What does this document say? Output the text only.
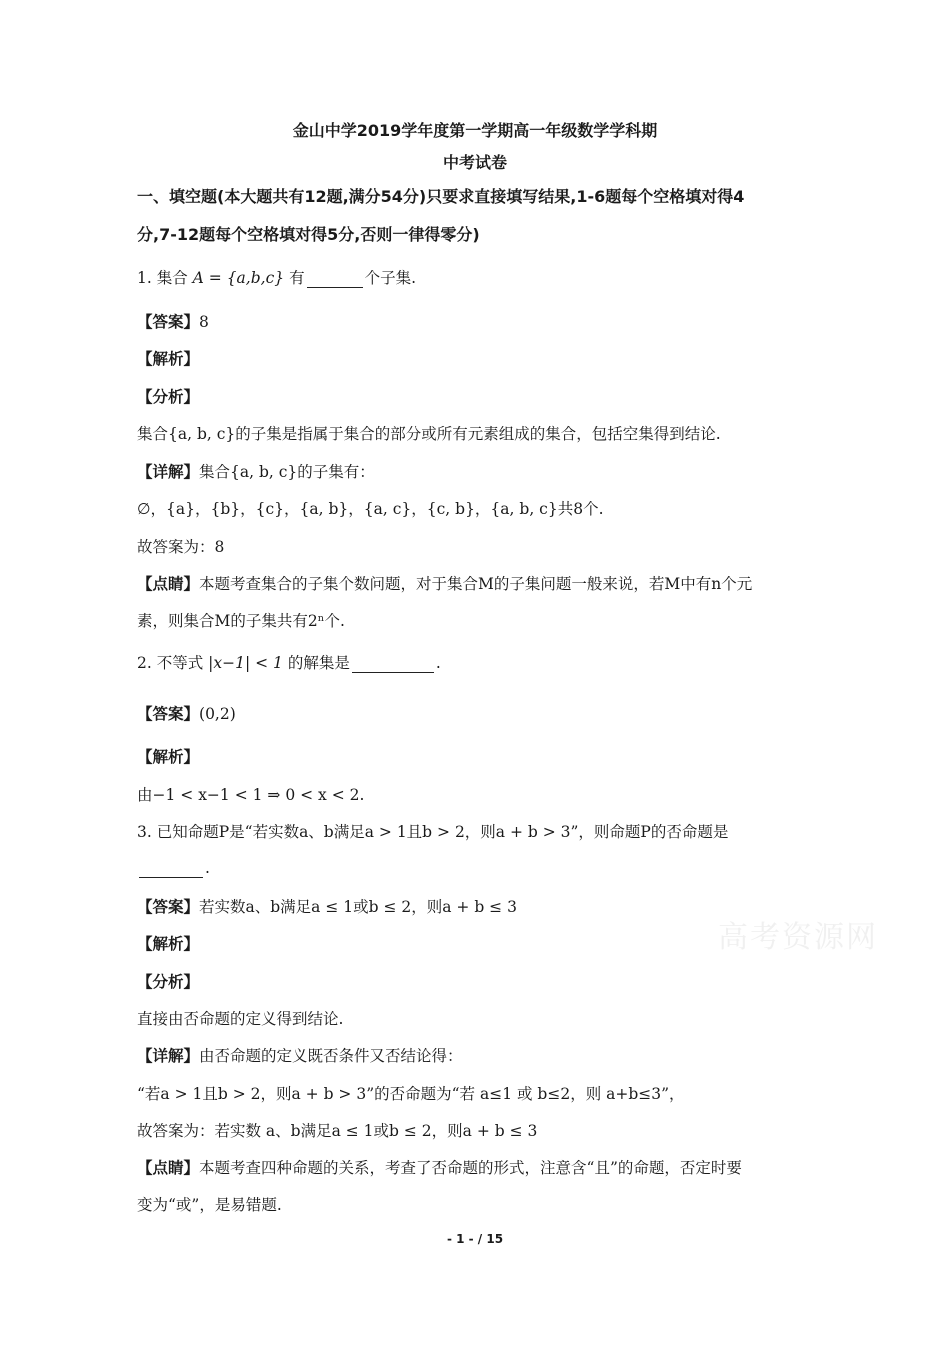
金山中学2019学年度第一学期高一年级数学学科期
中考试卷
一、填空题(本大题共有12题,满分54分)只要求直接填写结果,1-6题每个空格填对得4
分,7-12题每个空格填对得5分,否则一律得零分)
1. 集合 A = {a,b,c} 有	个子集.
【答案】8
【解析】
【分析】
集合{a, b, c}的子集是指属于集合的部分或所有元素组成的集合，包括空集得到结论.
【详解】集合{a, b, c}的子集有：
∅，{a}，{b}，{c}，{a, b}，{a, c}，{c, b}，{a, b, c}共8个.
故答案为：8
【点睛】本题考查集合的子集个数问题，对于集合M的子集问题一般来说，若M中有n个元
素，则集合M的子集共有2ⁿ个.
2. 不等式 |x−1| < 1 的解集是	.
【答案】(0,2)
【解析】
由−1 < x−1 < 1 ⇒ 0 < x < 2.
3. 已知命题P是“若实数a、b满足a > 1且b > 2，则a + b > 3”，则命题P的否命题是
.
【答案】若实数a、b满足a ≤ 1或b ≤ 2，则a + b ≤ 3
【解析】
【分析】
直接由否命题的定义得到结论.
【详解】由否命题的定义既否条件又否结论得：
“若a > 1且b > 2，则a + b > 3”的否命题为“若 a≤1 或 b≤2，则 a+b≤3”，
故答案为：若实数 a、b满足a ≤ 1或b ≤ 2，则a + b ≤ 3
【点睛】本题考查四种命题的关系，考查了否命题的形式，注意含“且”的命题，否定时要
变为“或”，是易错题.
高考资源网
- 1 - / 15
